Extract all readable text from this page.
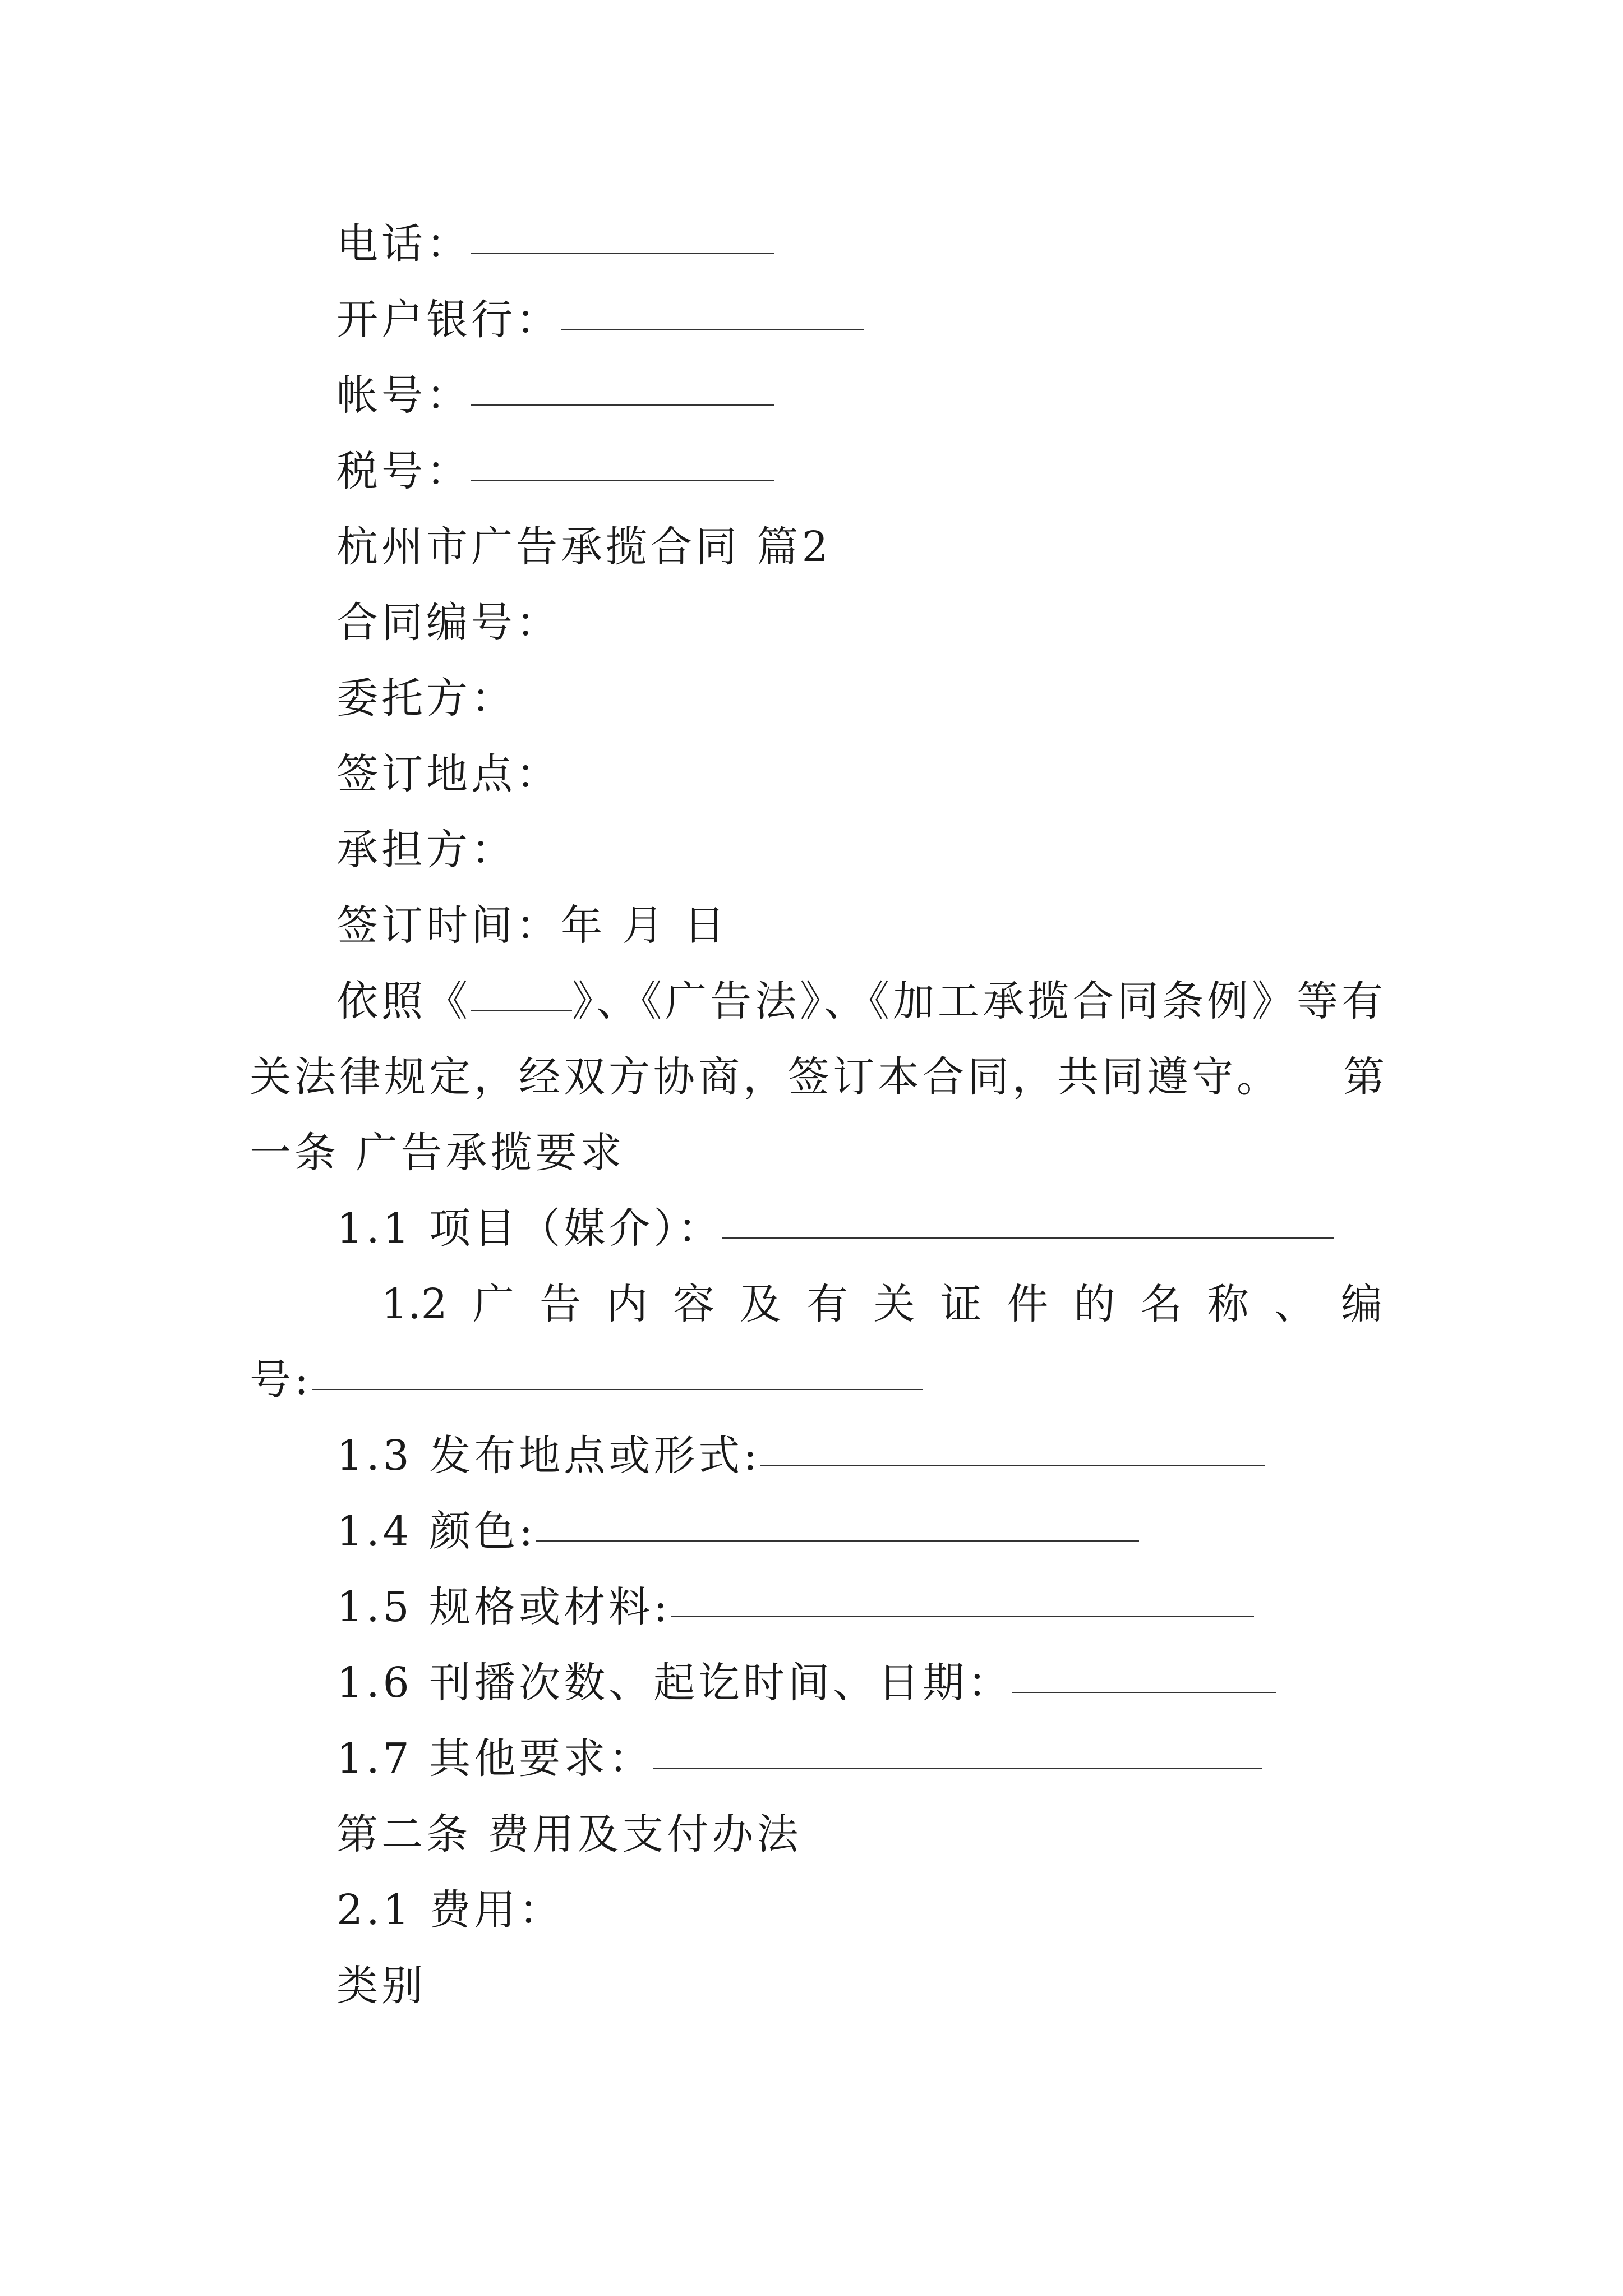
电话：
开户银行：
帐号：
税号：
杭州市广告承揽合同 篇2
合同编号：
委托方：
签订地点：
承担方：
签订时间：年 月 日
依照《 》、《广告法》、《加工承揽合同条例》等有
关法律规定，经双方协商，签订本合同，共同遵守。 第
一条 广告承揽要求
1.1 项目（媒介）：
1.2 广 告 内 容 及 有 关 证 件 的 名 称 、 编
号:
1.3 发布地点或形式:
1.4 颜色:
1.5 规格或材料:
1.6 刊播次数、起讫时间、日期：
1.7 其他要求：
第二条 费用及支付办法
2.1 费用：
类别
